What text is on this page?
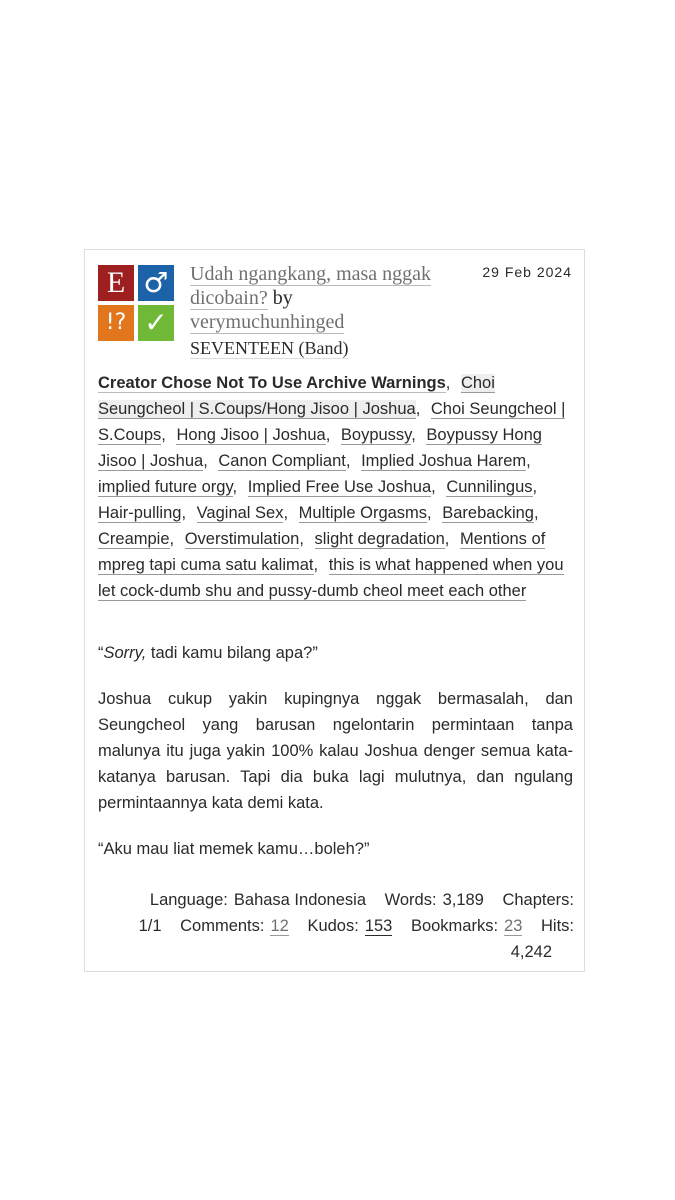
E ♂
!? ✓
Udah ngangkang, masa nggak dicobain? by verymuchunhinged
SEVENTEEN (Band)
29 Feb 2024
Creator Chose Not To Use Archive Warnings, Choi Seungcheol | S.Coups/Hong Jisoo | Joshua, Choi Seungcheol | S.Coups, Hong Jisoo | Joshua, Boypussy, Boypussy Hong Jisoo | Joshua, Canon Compliant, Implied Joshua Harem, implied future orgy, Implied Free Use Joshua, Cunnilingus, Hair-pulling, Vaginal Sex, Multiple Orgasms, Barebacking, Creampie, Overstimulation, slight degradation, Mentions of mpreg tapi cuma satu kalimat, this is what happened when you let cock-dumb shu and pussy-dumb cheol meet each other

“Sorry, tadi kamu bilang apa?”

Joshua cukup yakin kupingnya nggak bermasalah, dan Seungcheol yang barusan ngelontarin permintaan tanpa malunya itu juga yakin 100% kalau Joshua denger semua kata-katanya barusan. Tapi dia buka lagi mulutnya, dan ngulang permintaannya kata demi kata.

“Aku mau liat memek kamu…boleh?”

Language: Bahasa Indonesia Words: 3,189 Chapters:
1/1 Comments: 12 Kudos: 153 Bookmarks: 23 Hits:
4,242
